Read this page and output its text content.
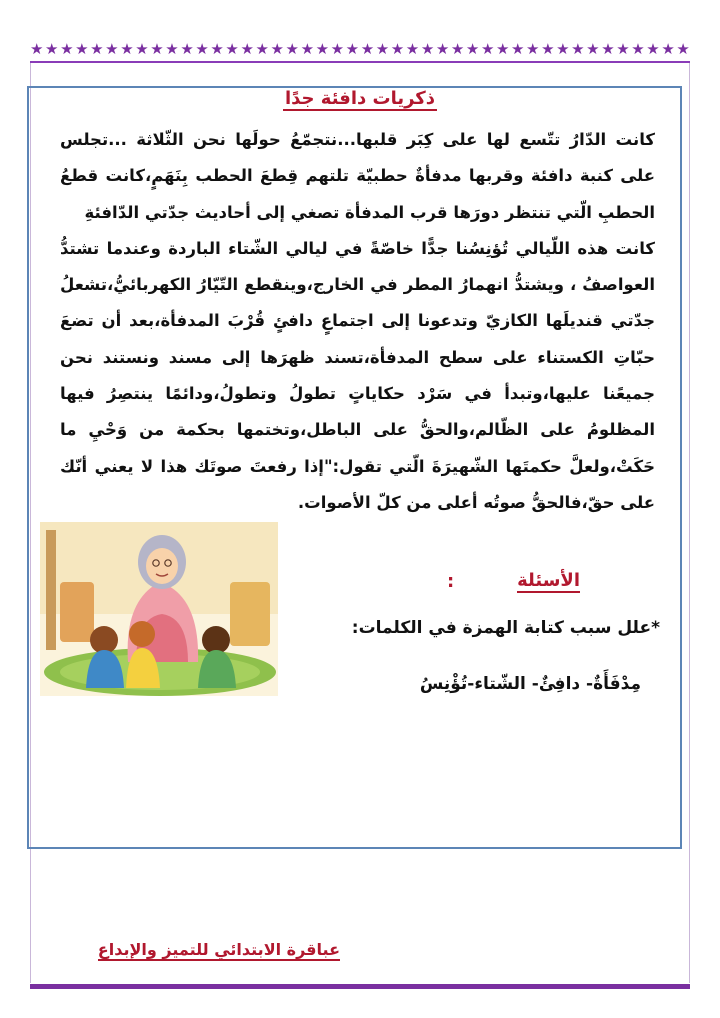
★ ★ ★ ★ ★ ★ ★ ★ ★ ★ ★ ★ ★ ★ ★ ★ ★ ★ ★ ★ ★ ★ ★ ★ ★ ★ ★ ★ ★ ★ ★ ★ ★ ★ ★ ★ ★ ★ ★ ★ ★ ★ ★ ★
ذكريات دافئة جدًا

كانت الدّارُ تتّسع لها على كِبَر قلبها...نتجمّعُ حولَها نحن الثّلاثة ...تجلس على كنبة دافئة وقربها مدفأةٌ حطبيّة تلتهم قِطعَ الحطب بِنَهَمٍ،كانت قطعُ الحطبِ الّتي تنتظر دورَها قرب المدفأة تصغي إلى أحاديث جدّتي الدّافئةِ

كانت هذه اللّيالي تُؤنِسُنا جدًّا خاصّةً في ليالي الشّتاء الباردة وعندما تشتدُّ العواصفُ ، ويشتدُّ انهمارُ المطر في الخارج،وينقطع التّيّارُ الكهربائيُّ،تشعلُ جدّتي قنديلَها الكازيّ وتدعونا إلى اجتماعٍ دافئٍ قُرْبَ المدفأة،بعد أن تضعَ حبّاتِ الكستناء على سطح المدفأة،تسند ظهرَها إلى مسند ونستند نحن جميعًنا عليها،وتبدأ في سَرْد حكاياتٍ تطولُ وتطولُ،ودائمًا ينتصِرُ فيها المظلومُ على الظّالم،والحقُّ على الباطل،وتختمها بحكمة من وَحْيِ ما حَكَتْ،ولعلَّ حكمتَها الشّهيرَةَ الّتي تقول:"إذا رفعتَ صوتَك هذا لا يعني أنّك على حقّ،فالحقُّ صوتُه أعلى من كلّ الأصوات.

الأسئلة
:
*علل سبب كتابة الهمزة في الكلمات:
مِدْفَأَةٌ- دافِئٌ- الشّتاء-تُؤْنِسُ
عباقرة الابتدائي للتميز والإبداع
